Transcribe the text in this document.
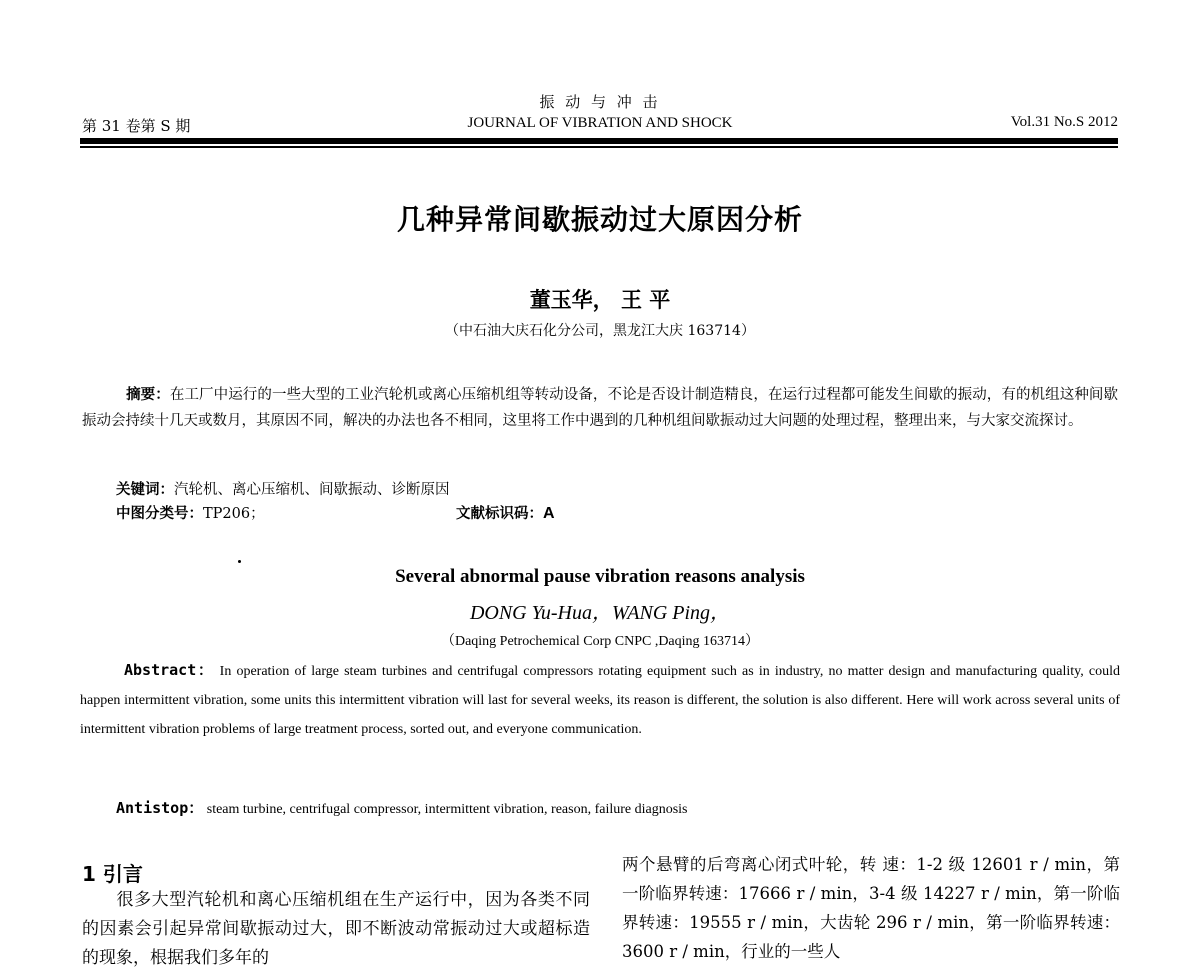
第 31 卷第 S 期
振 动 与 冲 击
JOURNAL OF VIBRATION AND SHOCK	Vol.31 No.S 2012
几种异常间歇振动过大原因分析
董玉华， 王 平
（中石油大庆石化分公司，黑龙江大庆 163714）
摘要：在工厂中运行的一些大型的工业汽轮机或离心压缩机组等转动设备，不论是否设计制造精良，在运行过程都可能发生间歇的振动，有的机组这种间歇振动会持续十几天或数月，其原因不同，解决的办法也各不相同，这里将工作中遇到的几种机组间歇振动过大问题的处理过程，整理出来，与大家交流探讨。
关键词：汽轮机、离心压缩机、间歇振动、诊断原因
中图分类号：TP206；	文献标识码：A
Several abnormal pause vibration reasons analysis
DONG Yu-Hua，WANG Ping，
（Daqing Petrochemical Corp CNPC ,Daqing 163714）
Abstract： In operation of large steam turbines and centrifugal compressors rotating equipment such as in industry, no matter design and manufacturing quality, could happen intermittent vibration, some units this intermittent vibration will last for several weeks, its reason is different, the solution is also different. Here will work across several units of intermittent vibration problems of large treatment process, sorted out, and everyone communication.
Antistop： steam turbine, centrifugal compressor, intermittent vibration, reason, failure diagnosis
1 引言
很多大型汽轮机和离心压缩机组在生产运行中，因为各类不同的因素会引起异常间歇振动过大，即不断波动常振动过大或超标造的现象，根据我们多年的
两个悬臂的后弯离心闭式叶轮，转 速：1-2 级 12601 r / min，第一阶临界转速：17666 r / min，3-4 级 14227 r / min，第一阶临界转速：19555 r / min，大齿轮 296 r / min，第一阶临界转速：3600 r / min，行业的一些人
